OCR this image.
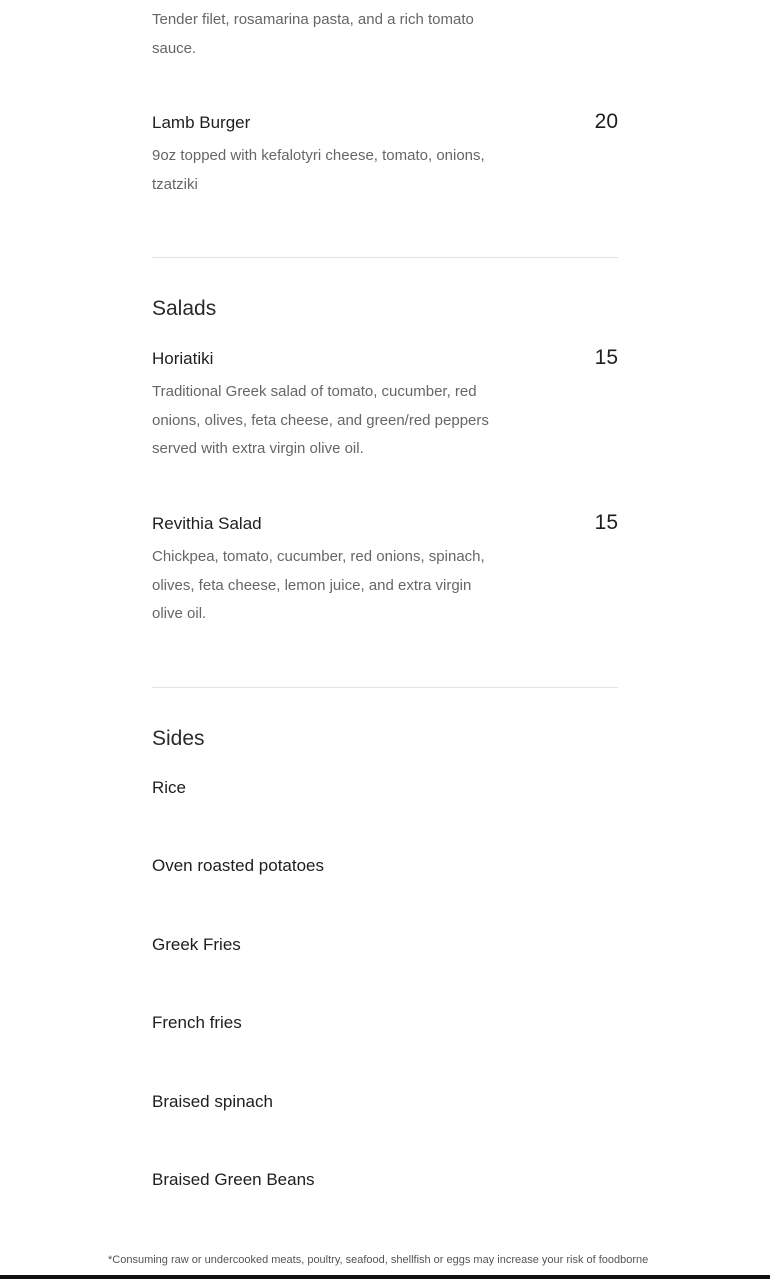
Tender filet, rosamarina pasta, and a rich tomato sauce.
Lamb Burger	20
9oz topped with kefalotyri cheese, tomato, onions, tzatziki
Salads
Horiatiki	15
Traditional Greek salad of tomato, cucumber, red onions, olives, feta cheese, and green/red peppers served with extra virgin olive oil.
Revithia Salad	15
Chickpea, tomato, cucumber, red onions, spinach, olives, feta cheese, lemon juice, and extra virgin olive oil.
Sides
Rice
Oven roasted potatoes
Greek Fries
French fries
Braised spinach
Braised Green Beans
*Consuming raw or undercooked meats, poultry, seafood, shellfish or eggs may increase your risk of foodborne
